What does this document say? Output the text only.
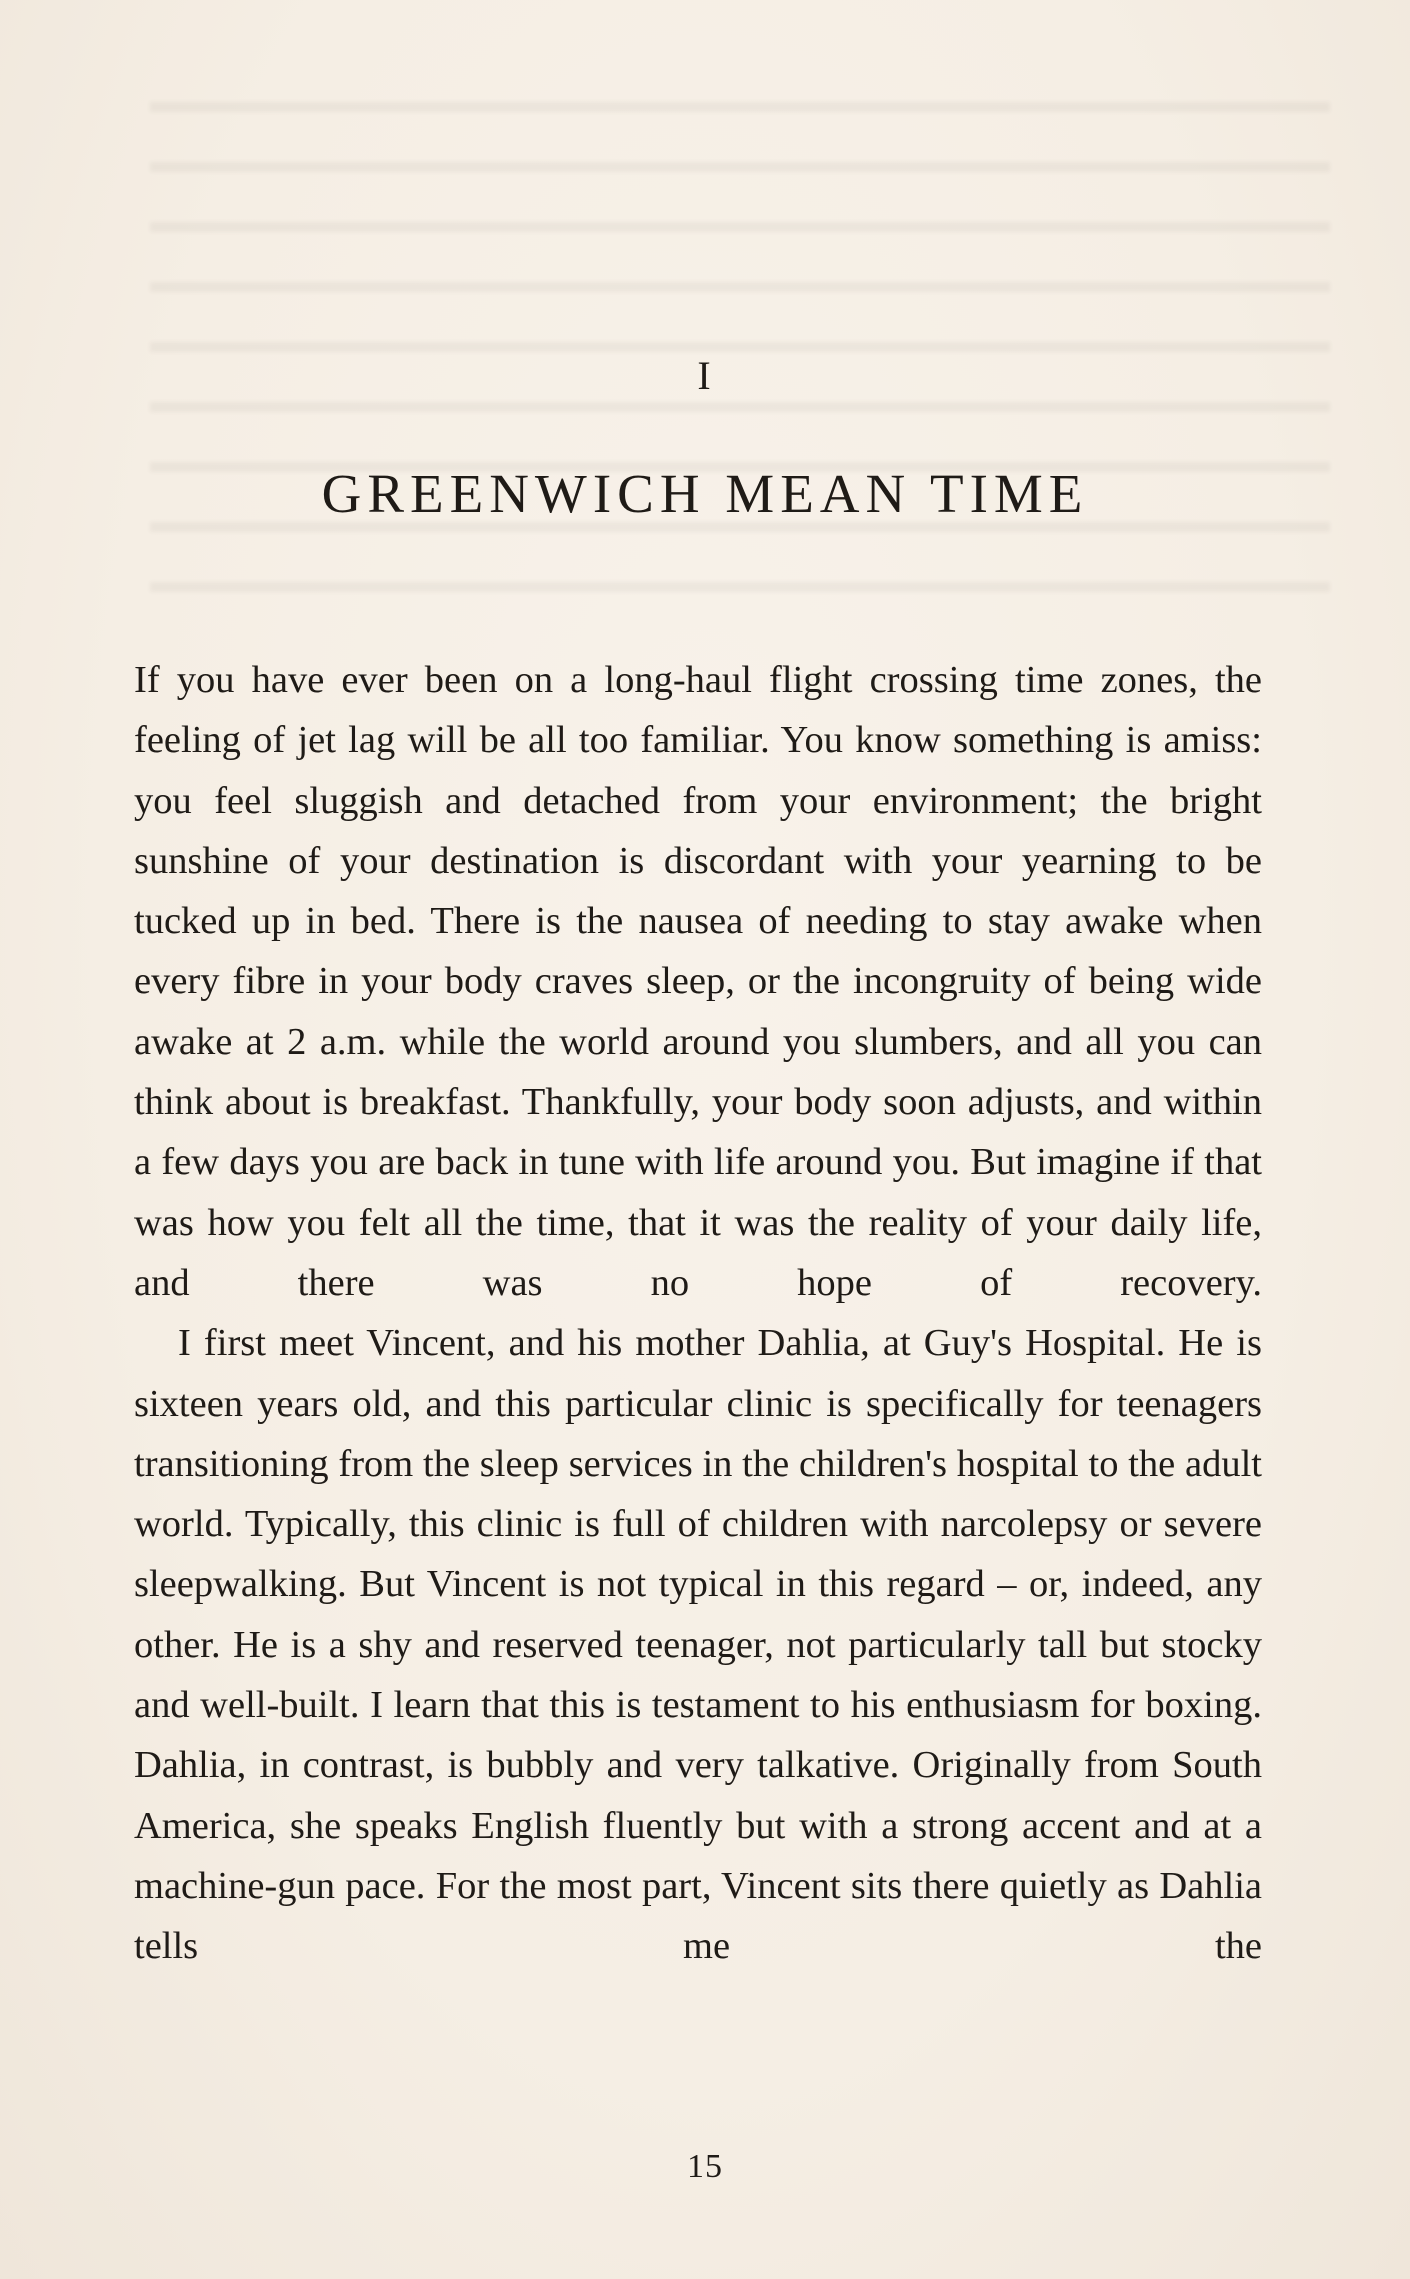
I
GREENWICH MEAN TIME

If you have ever been on a long-haul flight crossing time zones, the feeling of jet lag will be all too familiar. You know something is amiss: you feel sluggish and detached from your environment; the bright sunshine of your destination is discordant with your yearning to be tucked up in bed. There is the nausea of needing to stay awake when every fibre in your body craves sleep, or the incongruity of being wide awake at 2 a.m. while the world around you slumbers, and all you can think about is breakfast. Thankfully, your body soon adjusts, and within a few days you are back in tune with life around you. But imagine if that was how you felt all the time, that it was the reality of your daily life, and there was no hope of recovery.

I first meet Vincent, and his mother Dahlia, at Guy's Hospital. He is sixteen years old, and this particular clinic is specifically for teenagers transitioning from the sleep services in the children's hospital to the adult world. Typically, this clinic is full of children with narcolepsy or severe sleepwalking. But Vincent is not typical in this regard – or, indeed, any other. He is a shy and reserved teenager, not particularly tall but stocky and well-built. I learn that this is testament to his enthusiasm for boxing. Dahlia, in contrast, is bubbly and very talkative. Originally from South America, she speaks English fluently but with a strong accent and at a machine-gun pace. For the most part, Vincent sits there quietly as Dahlia tells me the

15
